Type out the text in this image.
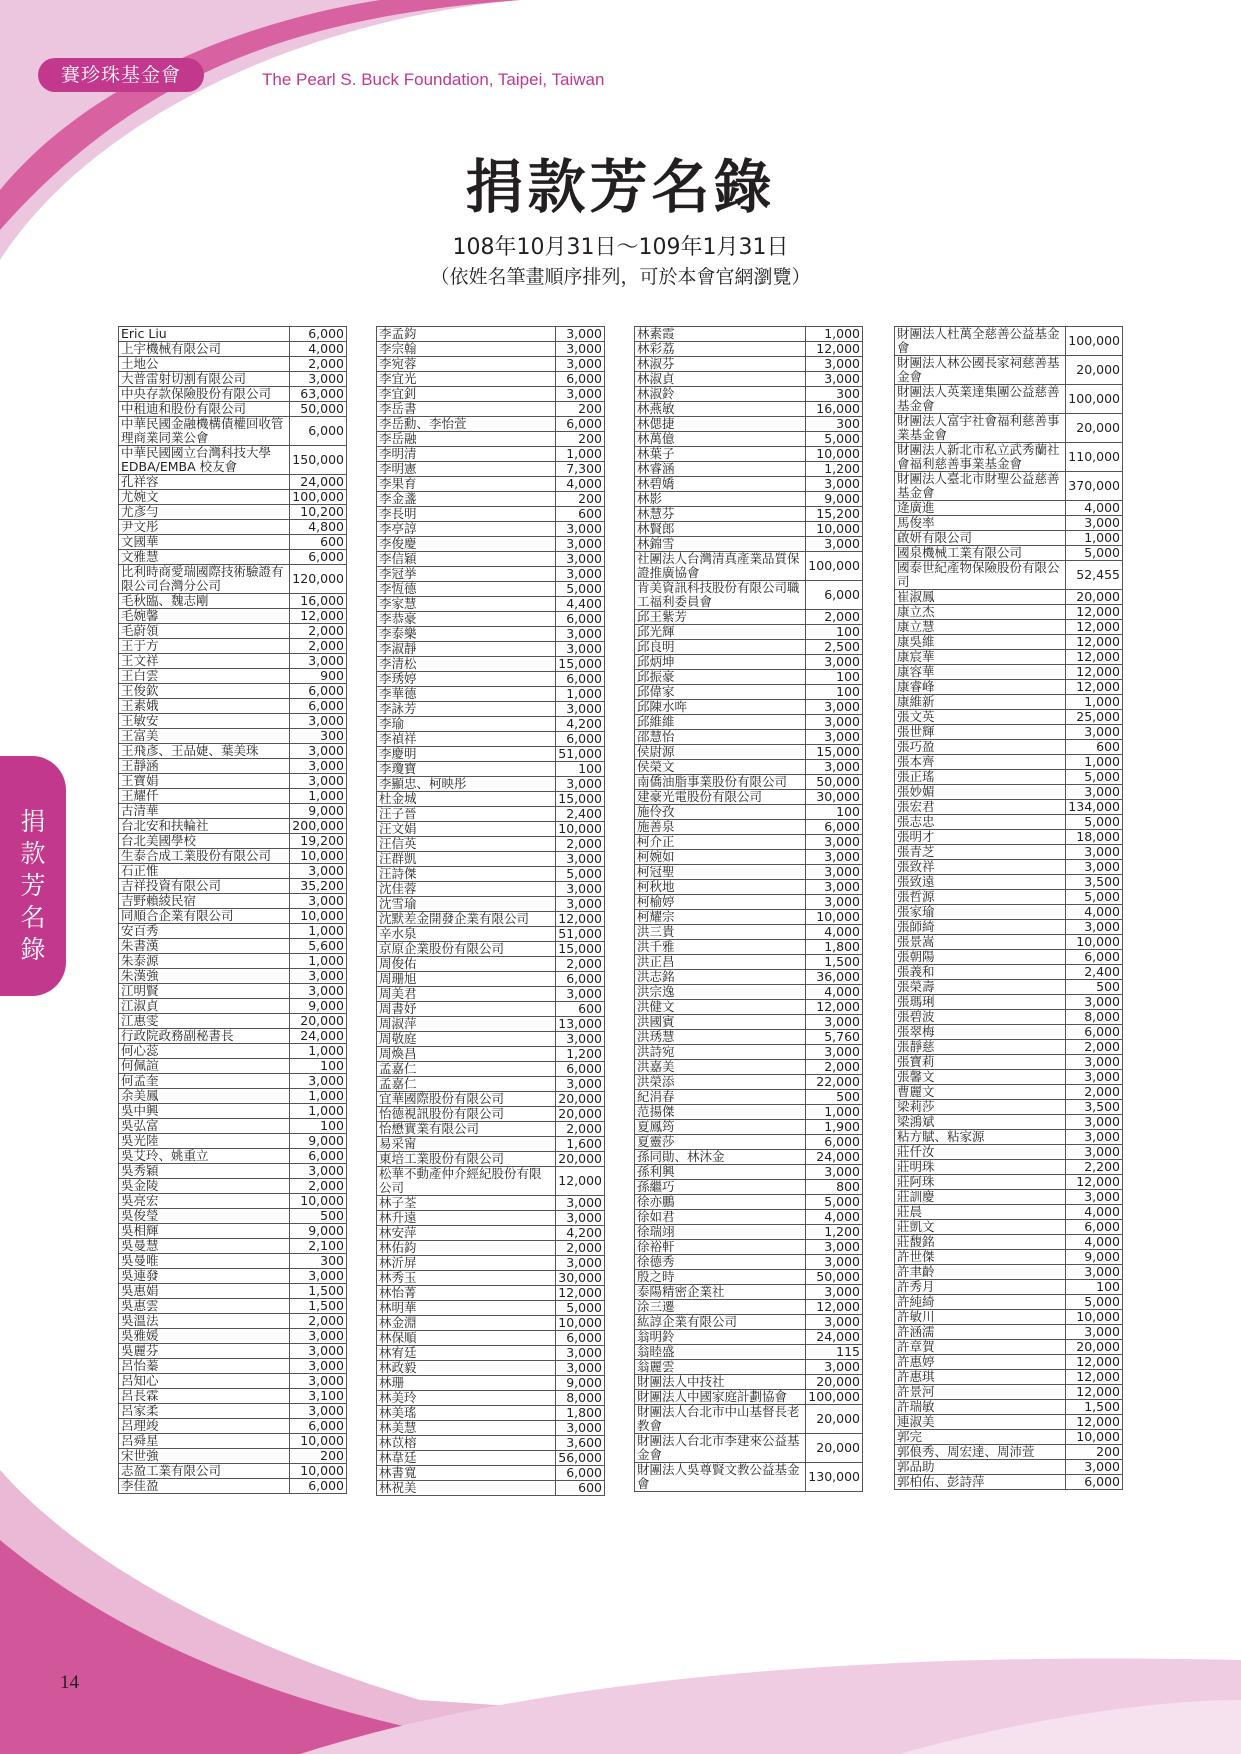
賽珍珠基金會	The Pearl S. Buck Foundation, Taipei, Taiwan
捐款芳名錄
108年10月31日～109年1月31日
（依姓名筆畫順序排列，可於本會官網瀏覽）
捐款芳名錄
Eric Liu	6,000
上宇機械有限公司	4,000
土地公	2,000
大普雷射切割有限公司	3,000
中央存款保險股份有限公司	63,000
中租迪和股份有限公司	50,000
中華民國金融機構債權回收管理商業同業公會	6,000
中華民國國立台灣科技大學EDBA/EMBA 校友會	150,000
孔祥容	24,000
尤婉文	100,000
尤彥勻	10,200
尹文彤	4,800
文國華	600
文雅慧	6,000
比利時商愛瑞國際技術驗證有限公司台灣分公司	120,000
毛秋臨、魏志剛	16,000
毛婉馨	12,000
毛蔚領	2,000
王于方	2,000
王文祥	3,000
王白雲	900
王俊欽	6,000
王素娥	6,000
王敏安	3,000
王富美	300
王飛彥、王品婕、葉美珠	3,000
王靜涵	3,000
王寶娟	3,000
王耀仟	1,000
古清華	9,000
台北安和扶輪社	200,000
台北美國學校	19,200
生泰合成工業股份有限公司	10,000
石正惟	3,000
吉祥投資有限公司	35,200
吉野賴綾民宿	3,000
同順合企業有限公司	10,000
安百秀	1,000
朱書漢	5,600
朱泰源	1,000
朱漢強	3,000
江明賢	3,000
江淑貞	9,000
江惠雯	20,000
行政院政務副秘書長	24,000
何心蕊	1,000
何佩諠	100
何孟奎	3,000
余美鳳	1,000
吳中興	1,000
吳弘富	100
吳光陸	9,000
吳艾玲、姚重立	6,000
吳秀穎	3,000
吳金陵	2,000
吳亮宏	10,000
吳俊瑩	500
吳相輝	9,000
吳曼慧	2,100
吳曼唯	300
吳連發	3,000
吳惠娟	1,500
吳惠雲	1,500
吳溫法	2,000
吳雅媛	3,000
吳麗芬	3,000
呂怡蓁	3,000
呂知心	3,000
呂長霖	3,100
呂家柔	3,000
呂理竣	6,000
呂舜星	10,000
宋世強	200
志盈工業有限公司	10,000
李佳盈	6,000
李孟鈞	3,000
李宗翰	3,000
李宛蓉	3,000
李宜光	6,000
李宜釗	3,000
李岳書	200
李岳勳、李怡萱	6,000
李岳融	200
李明清	1,000
李明憲	7,300
李果育	4,000
李金盞	200
李長明	600
李亭諄	3,000
李俊慶	3,000
李信穎	3,000
李冠挙	3,000
李恆德	5,000
李家慧	4,400
李恭豪	6,000
李泰樂	3,000
李淑靜	3,000
李清松	15,000
李琇婷	6,000
李華德	1,000
李詠芳	3,000
李瑜	4,200
李禎祥	6,000
李慶明	51,000
李瓊寶	100
李顯忠、柯映彤	3,000
杜金城	15,000
汪子晉	2,400
汪文娟	10,000
汪信英	2,000
汪群凱	3,000
汪詩傑	5,000
沈佳蓉	3,000
沈雪瑜	3,000
沈默差金開發企業有限公司	12,000
辛水泉	51,000
京原企業股份有限公司	15,000
周俊佑	2,000
周珊旭	6,000
周美君	3,000
周書妤	600
周淑萍	13,000
周敬庭	3,000
周煥昌	1,200
孟嘉仁	6,000
孟嘉仁	3,000
宜華國際股份有限公司	20,000
怡德視訊股份有限公司	20,000
怡懋實業有限公司	2,000
易采甯	1,600
東培工業股份有限公司	20,000
松華不動產仲介經紀股份有限公司	12,000
林子荃	3,000
林升遠	3,000
林安萍	4,200
林佑鈞	2,000
林沂屏	3,000
林秀玉	30,000
林怡菁	12,000
林明華	5,000
林金淵	10,000
林保順	6,000
林宥廷	3,000
林政毅	3,000
林珊	9,000
林美玲	8,000
林美瑤	1,800
林美慧	3,000
林苡榕	3,600
林韋廷	56,000
林書寬	6,000
林祝美	600
林素霞	1,000
林彩荔	12,000
林淑芬	3,000
林淑貞	3,000
林淑鈴	300
林燕敏	16,000
林偲捷	300
林萬億	5,000
林葉子	10,000
林睿涵	1,200
林碧嬌	3,000
林影	9,000
林慧芬	15,200
林賢郎	10,000
林錦雪	3,000
社團法人台灣清真產業品質保證推廣協會	100,000
肯美資訊科技股份有限公司職工福利委員會	6,000
邱王紫芳	2,000
邱光輝	100
邱良明	2,500
邱炳坤	3,000
邱振豪	100
邱偉家	100
邱陳水哖	3,000
邱維維	3,000
邵慧怡	3,000
侯尉源	15,000
侯榮文	3,000
南僑油脂事業股份有限公司	50,000
建豪光電股份有限公司	30,000
施伶孜	100
施善泉	6,000
柯介正	3,000
柯婉如	3,000
柯冠聖	3,000
柯秋地	3,000
柯榆婷	3,000
柯耀宗	10,000
洪三貴	4,000
洪千雅	1,800
洪正昌	1,500
洪志銘	36,000
洪宗逸	4,000
洪健文	12,000
洪國賓	3,000
洪琇慧	5,760
洪詩宛	3,000
洪嘉美	2,000
洪榮添	22,000
紀涓春	500
范揚傑	1,000
夏鳳筠	1,900
夏靈莎	6,000
孫同勛、林沐金	24,000
孫利興	3,000
孫繼巧	800
徐亦鵬	5,000
徐如君	4,000
徐瑞翊	1,200
徐裕軒	3,000
徐德秀	3,000
殷之時	50,000
泰陽精密企業社	3,000
涂三遷	12,000
紘諄企業有限公司	3,000
翁明鈴	24,000
翁睦盛	115
翁麗雲	3,000
財團法人中技社	20,000
財團法人中國家庭計劃協會	100,000
財團法人台北市中山基督長老教會	20,000
財團法人台北市李建來公益基金會	20,000
財團法人吳尊賢文教公益基金會	130,000
財團法人杜萬全慈善公益基金會	100,000
財團法人林公國長家祠慈善基金會	20,000
財團法人英業達集團公益慈善基金會	100,000
財團法人富宇社會福利慈善事業基金會	20,000
財團法人新北市私立武秀蘭社會福利慈善事業基金會	110,000
財團法人臺北市財聖公益慈善基金會	370,000
逄廣進	4,000
馬俊率	3,000
啟妍有限公司	1,000
國泉機械工業有限公司	5,000
國泰世紀產物保險股份有限公司	52,455
崔淑鳳	20,000
康立杰	12,000
康立慧	12,000
康吳維	12,000
康宸華	12,000
康容華	12,000
康睿峰	12,000
康維新	1,000
張文英	25,000
張世輝	3,000
張巧盈	600
張本齊	1,000
張正瑤	5,000
張妙媚	3,000
張宏君	134,000
張志忠	5,000
張明才	18,000
張青芝	3,000
張致祥	3,000
張致遠	3,500
張哲源	5,000
張家瑜	4,000
張師綺	3,000
張景嵩	10,000
張朝陽	6,000
張義和	2,400
張榮壽	500
張瑪琍	3,000
張碧波	8,000
張翠梅	6,000
張靜慈	2,000
張寶莉	3,000
張馨文	3,000
曹麗文	2,000
梁莉莎	3,500
梁鴻斌	3,000
粘方賦、粘家源	3,000
莊仟汝	3,000
莊明珠	2,200
莊阿珠	12,000
莊訓慶	3,000
莊晨	4,000
莊凱文	6,000
莊馥銘	4,000
許世傑	9,000
許聿齡	3,000
許秀月	100
許純綺	5,000
許敏川	10,000
許涵濡	3,000
許章賀	20,000
許惠婷	12,000
許惠琪	12,000
許景河	12,000
許瑞敏	1,500
連淑美	12,000
郭完	10,000
郭俍秀、周宏達、周沛萱	200
郭品助	3,000
郭柏佑、彭詩萍	6,000
14
